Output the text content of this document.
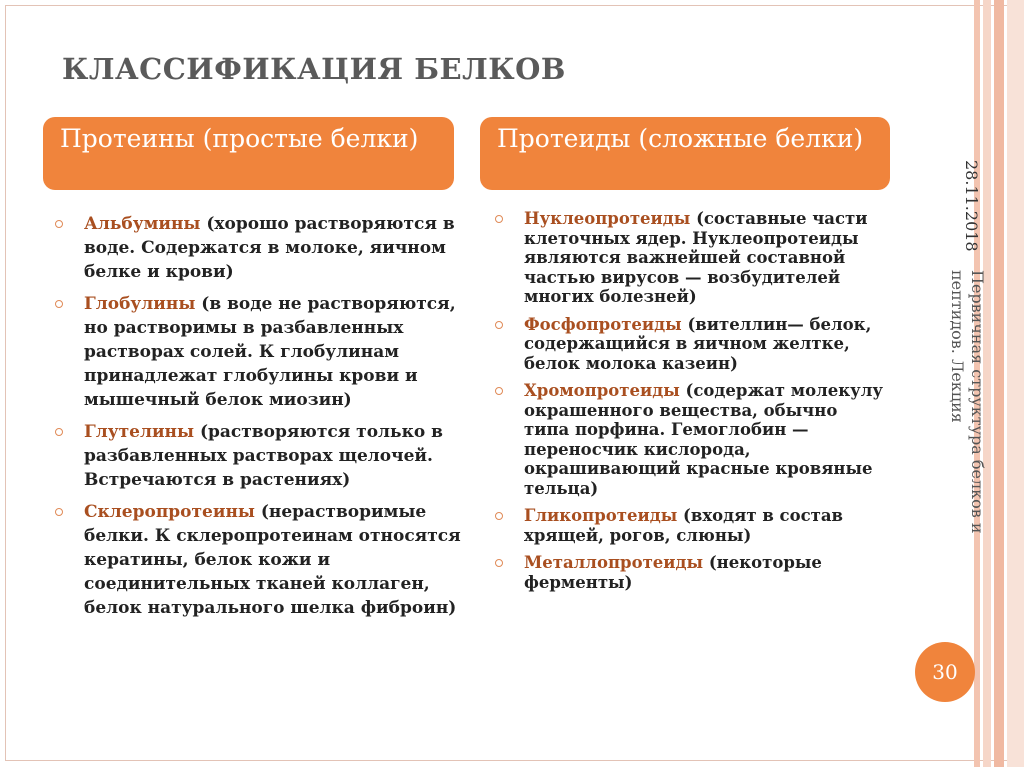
КЛАССИФИКАЦИЯ БЕЛКОВ
Протеины (простые белки)	Протеиды (сложные белки)
Альбумины (хорошо растворяются в воде. Содержатся в молоке, яичном белке и крови)
Глобулины (в воде не растворяются, но растворимы в разбавленных растворах солей. К глобулинам принадлежат глобулины крови и мышечный белок миозин)
Глутелины (растворяются только в разбавленных растворах щелочей. Встречаются в растениях)
Склеропротеины (нерастворимые белки. К склеропротеинам относятся кератины, белок кожи и соединительных тканей коллаген, белок натурального шелка фиброин)
Нуклеопротеиды (составные части клеточных ядер. Нуклеопротеиды являются важнейшей составной частью вирусов — возбудителей многих болезней)
Фосфопротеиды (вителлин— белок, содержащийся в яичном желтке, белок молока казеин)
Хромопротеиды (содержат молекулу окрашенного вещества, обычно типа порфина. Гемоглобин — переносчик кислорода, окрашивающий красные кровяные тельца)
Гликопротеиды (входят в состав хрящей, рогов, слюны)
Металлопротеиды (некоторые ферменты)
28.11.2018
Первичная структура белков и пептидов. Лекция
30
